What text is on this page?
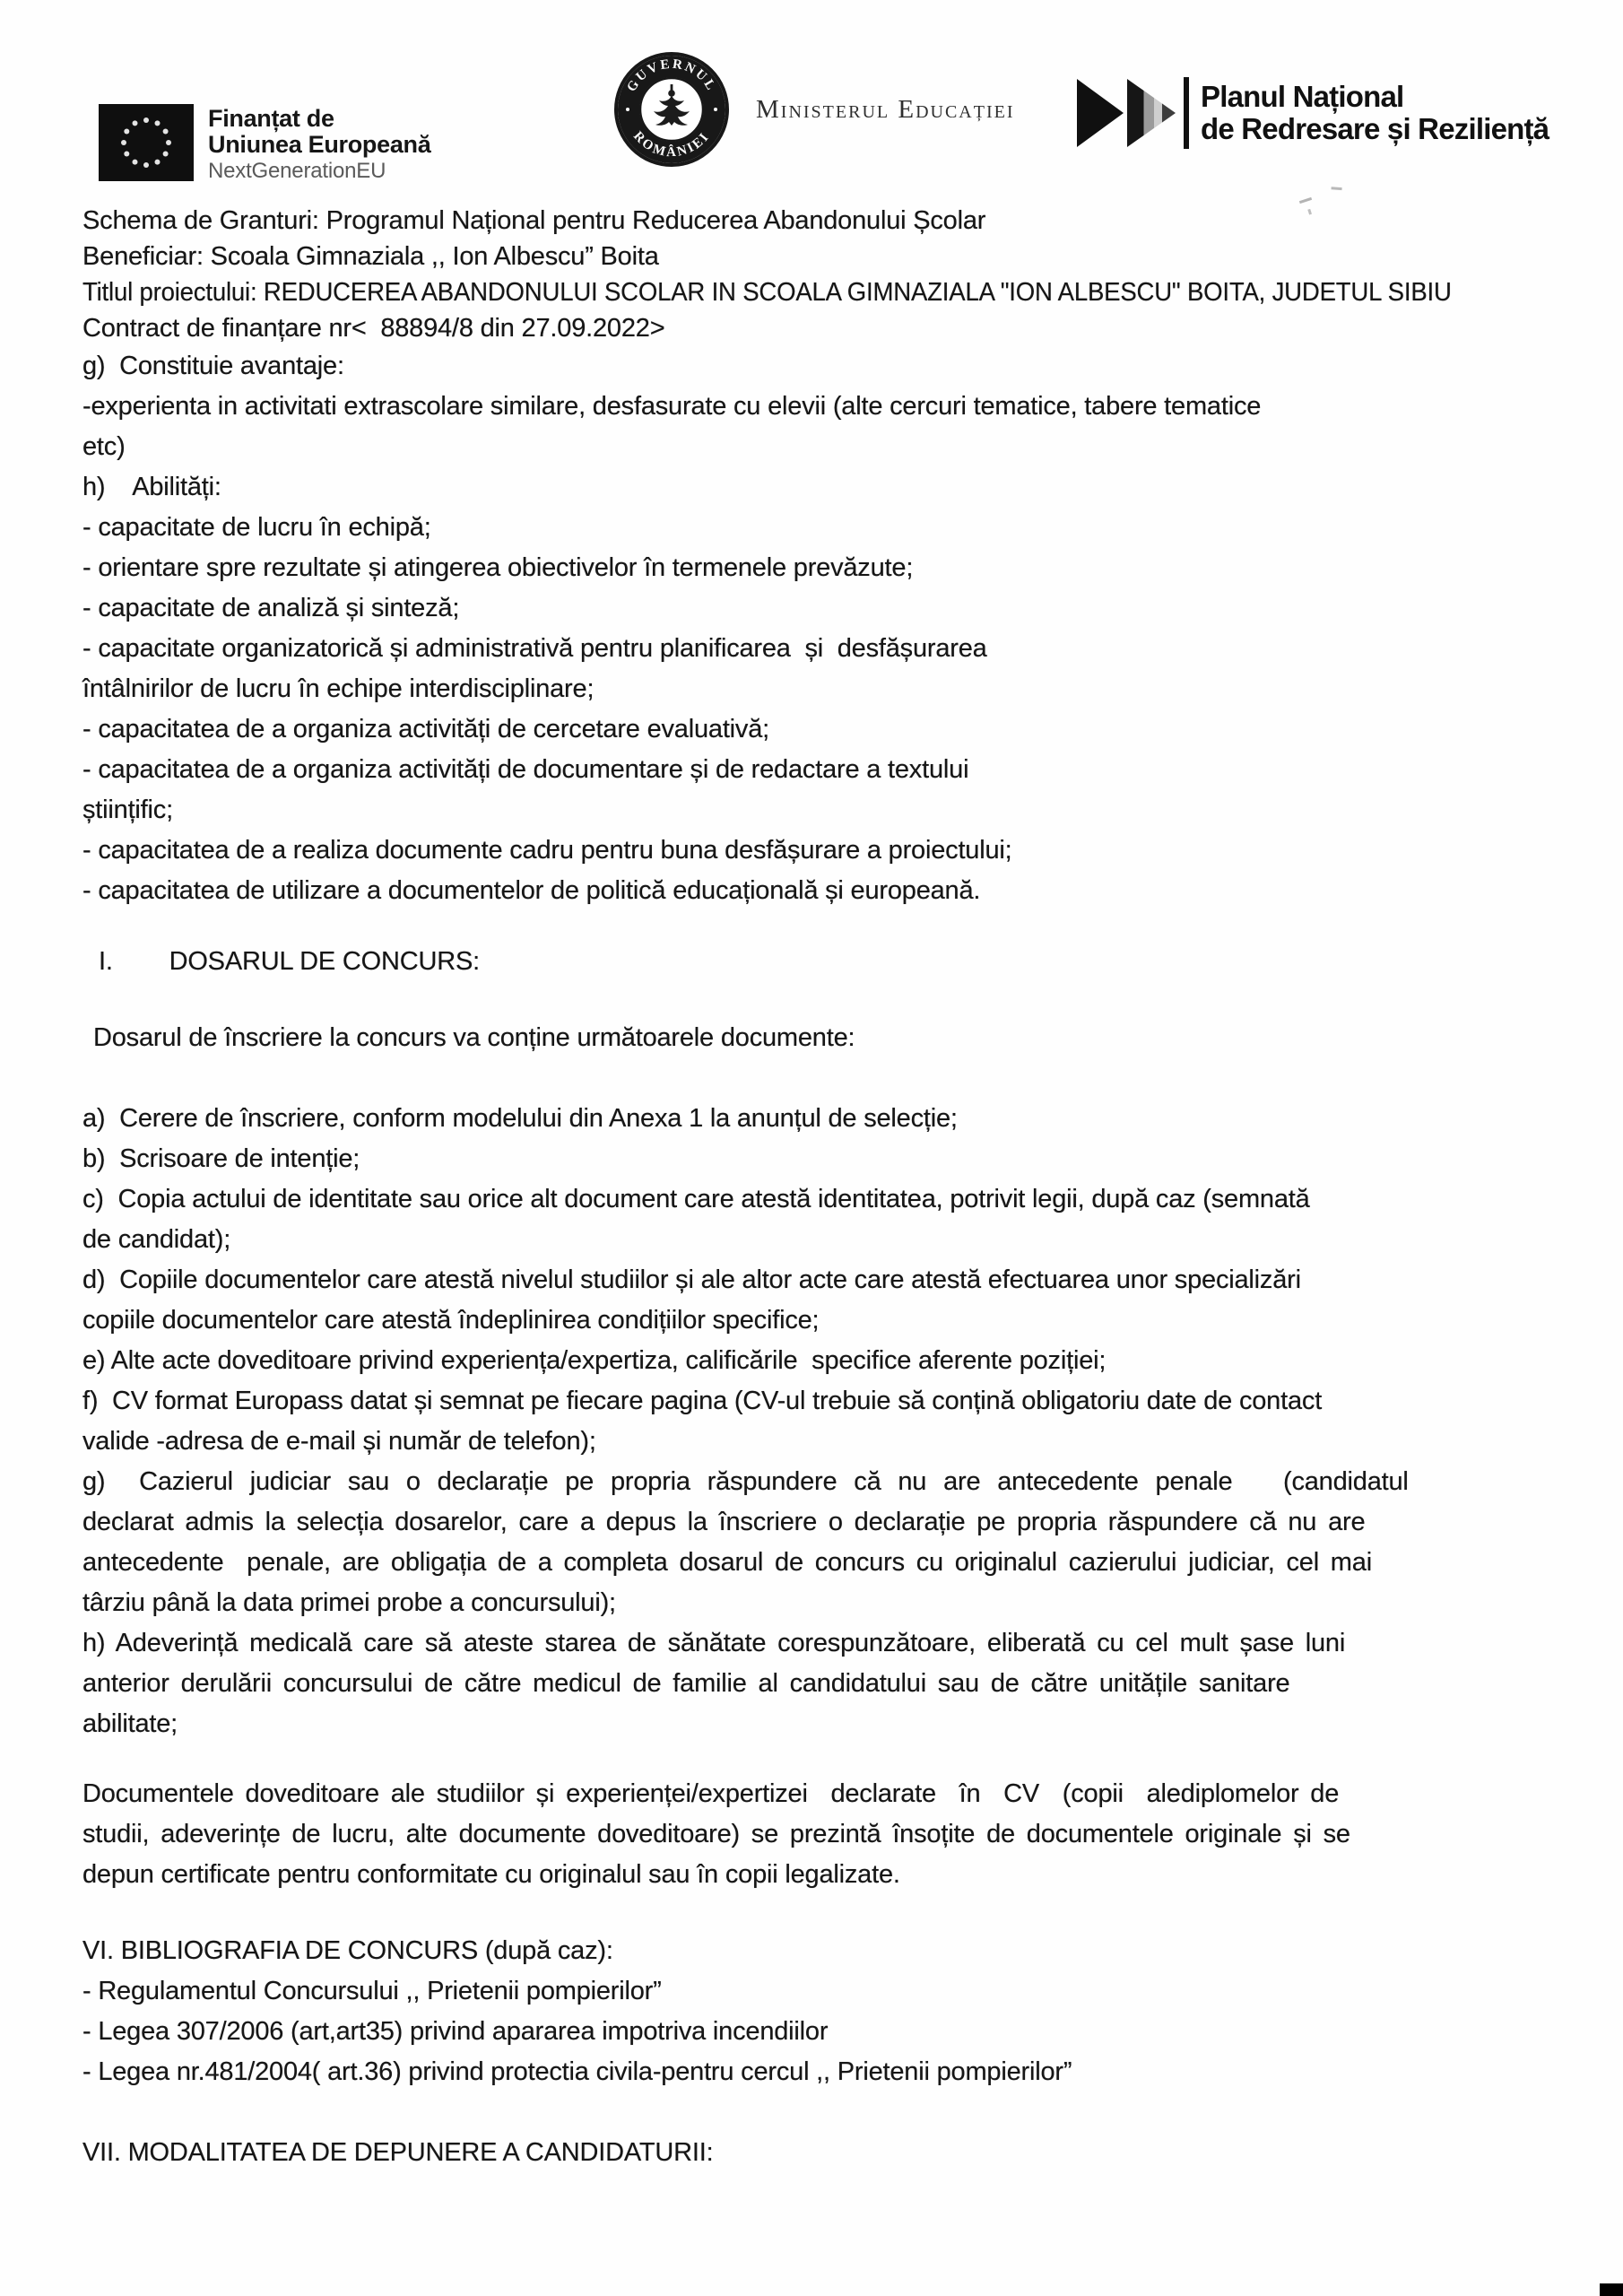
Finanțat de
Uniunea Europeană
NextGenerationEU
GUVERNUL
ROMÂNIEI
Ministerul Educației	Planul Național
de Redresare și Reziliență

Schema de Granturi: Programul Național pentru Reducerea Abandonului Școlar

Beneficiar: Scoala Gimnaziala ,, Ion Albescu” Boita

Titlul proiectului: REDUCEREA ABANDONULUI SCOLAR IN SCOALA GIMNAZIALA "ION ALBESCU" BOITA, JUDETUL SIBIU

Contract de finanțare nr<  88894/8 din 27.09.2022>

g)  Constituie avantaje:

-experienta in activitati extrascolare similare, desfasurate cu elevii (alte cercuri tematice, tabere tematice

etc)

h)    Abilități:

- capacitate de lucru în echipă;

- orientare spre rezultate și atingerea obiectivelor în termenele prevăzute;

- capacitate de analiză și sinteză;

- capacitate organizatorică și administrativă pentru planificarea  și  desfășurarea

întâlnirilor de lucru în echipe interdisciplinare;

- capacitatea de a organiza activități de cercetare evaluativă;

- capacitatea de a organiza activități de documentare și de redactare a textului

științific;

- capacitatea de a realiza documente cadru pentru buna desfășurare a proiectului;

- capacitatea de utilizare a documentelor de politică educațională și europeană.

I.        DOSARUL DE CONCURS:

Dosarul de înscriere la concurs va conține următoarele documente:

a)  Cerere de înscriere, conform modelului din Anexa 1 la anunțul de selecție;

b)  Scrisoare de intenție;

c)  Copia actului de identitate sau orice alt document care atestă identitatea, potrivit legii, după caz (semnată

de candidat);

d)  Copiile documentelor care atestă nivelul studiilor și ale altor acte care atestă efectuarea unor specializări

copiile documentelor care atestă îndeplinirea condițiilor specifice;

e) Alte acte doveditoare privind experiența/expertiza, calificările  specifice aferente poziției;

f)  CV format Europass datat și semnat pe fiecare pagina (CV-ul trebuie să conțină obligatoriu date de contact

valide -adresa de e-mail și număr de telefon);

g)  Cazierul judiciar sau o declarație pe propria răspundere că nu are antecedente penale   (candidatul

declarat admis la selecția dosarelor, care a depus la înscriere o declarație pe propria răspundere că nu are

antecedente  penale, are obligația de a completa dosarul de concurs cu originalul cazierului judiciar, cel mai

târziu până la data primei probe a concursului);

h) Adeverință medicală care să ateste starea de sănătate corespunzătoare, eliberată cu cel mult șase luni

anterior derulării concursului de către medicul de familie al candidatului sau de către unitățile sanitare

abilitate;

Documentele doveditoare ale studiilor și experienței/expertizei  declarate  în  CV  (copii  alediplomelor de

studii, adeverințe de lucru, alte documente doveditoare) se prezintă însoțite de documentele originale și se

depun certificate pentru conformitate cu originalul sau în copii legalizate.

VI. BIBLIOGRAFIA DE CONCURS (după caz):

- Regulamentul Concursului ,, Prietenii pompierilor”

- Legea 307/2006 (art,art35) privind apararea impotriva incendiilor

- Legea nr.481/2004( art.36) privind protectia civila-pentru cercul ,, Prietenii pompierilor”

VII. MODALITATEA DE DEPUNERE A CANDIDATURII:
